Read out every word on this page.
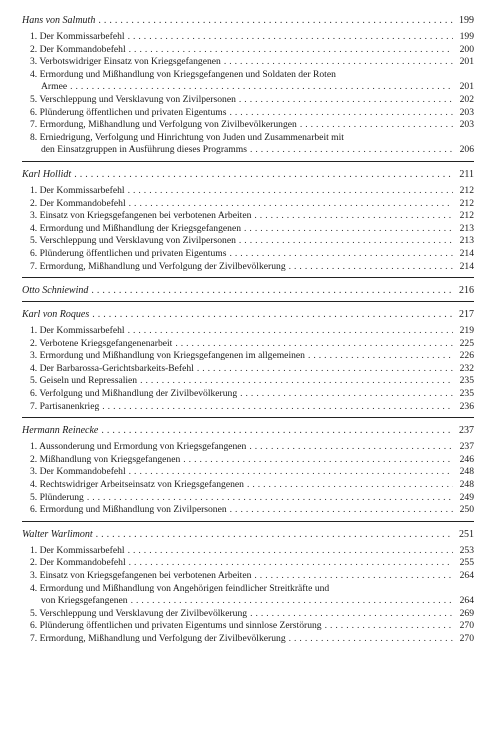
Hans von Salmuth .....	199
1. Der Kommissarbefehl .....	199
2. Der Kommandobefehl .....	200
3. Verbotswidriger Einsatz von Kriegsgefangenen .....	201
4. Ermordung und Mißhandlung von Kriegsgefangenen und Soldaten der Roten
Armee .....	201
5. Verschleppung und Versklavung von Zivilpersonen .....	202
6. Plünderung öffentlichen und privaten Eigentums .....	203
7. Ermordung, Mißhandlung und Verfolgung von Zivilbevölkerungen .....	203
8. Erniedrigung, Verfolgung und Hinrichtung von Juden und Zusammenarbeit mit
den Einsatzgruppen in Ausführung dieses Programms .....	206
Karl Hollidt .....	211
1. Der Kommissarbefehl .....	212
2. Der Kommandobefehl .....	212
3. Einsatz von Kriegsgefangenen bei verbotenen Arbeiten .....	212
4. Ermordung und Mißhandlung der Kriegsgefangenen .....	213
5. Verschleppung und Versklavung von Zivilpersonen .....	213
6. Plünderung öffentlichen und privaten Eigentums .....	214
7. Ermordung, Mißhandlung und Verfolgung der Zivilbevölkerung .....	214
Otto Schniewind .....	216
Karl von Roques .....	217
1. Der Kommissarbefehl .....	219
2. Verbotene Kriegsgefangenenarbeit .....	225
3. Ermordung und Mißhandlung von Kriegsgefangenen im allgemeinen .....	226
4. Der Barbarossa-Gerichtsbarkeits-Befehl .....	232
5. Geiseln und Repressalien .....	235
6. Verfolgung und Mißhandlung der Zivilbevölkerung .....	235
7. Partisanenkrieg .....	236
Hermann Reinecke .....	237
1. Aussonderung und Ermordung von Kriegsgefangenen .....	237
2. Mißhandlung von Kriegsgefangenen .....	246
3. Der Kommandobefehl .....	248
4. Rechtswidriger Arbeitseinsatz von Kriegsgefangenen .....	248
5. Plünderung .....	249
6. Ermordung und Mißhandlung von Zivilpersonen .....	250
Walter Warlimont .....	251
1. Der Kommissarbefehl .....	253
2. Der Kommandobefehl .....	255
3. Einsatz von Kriegsgefangenen bei verbotenen Arbeiten .....	264
4. Ermordung und Mißhandlung von Angehörigen feindlicher Streitkräfte und
von Kriegsgefangenen .....	264
5. Verschleppung und Versklavung der Zivilbevölkerung .....	269
6. Plünderung öffentlichen und privaten Eigentums und sinnlose Zerstörung .....	270
7. Ermordung, Mißhandlung und Verfolgung der Zivilbevölkerung .....	270
